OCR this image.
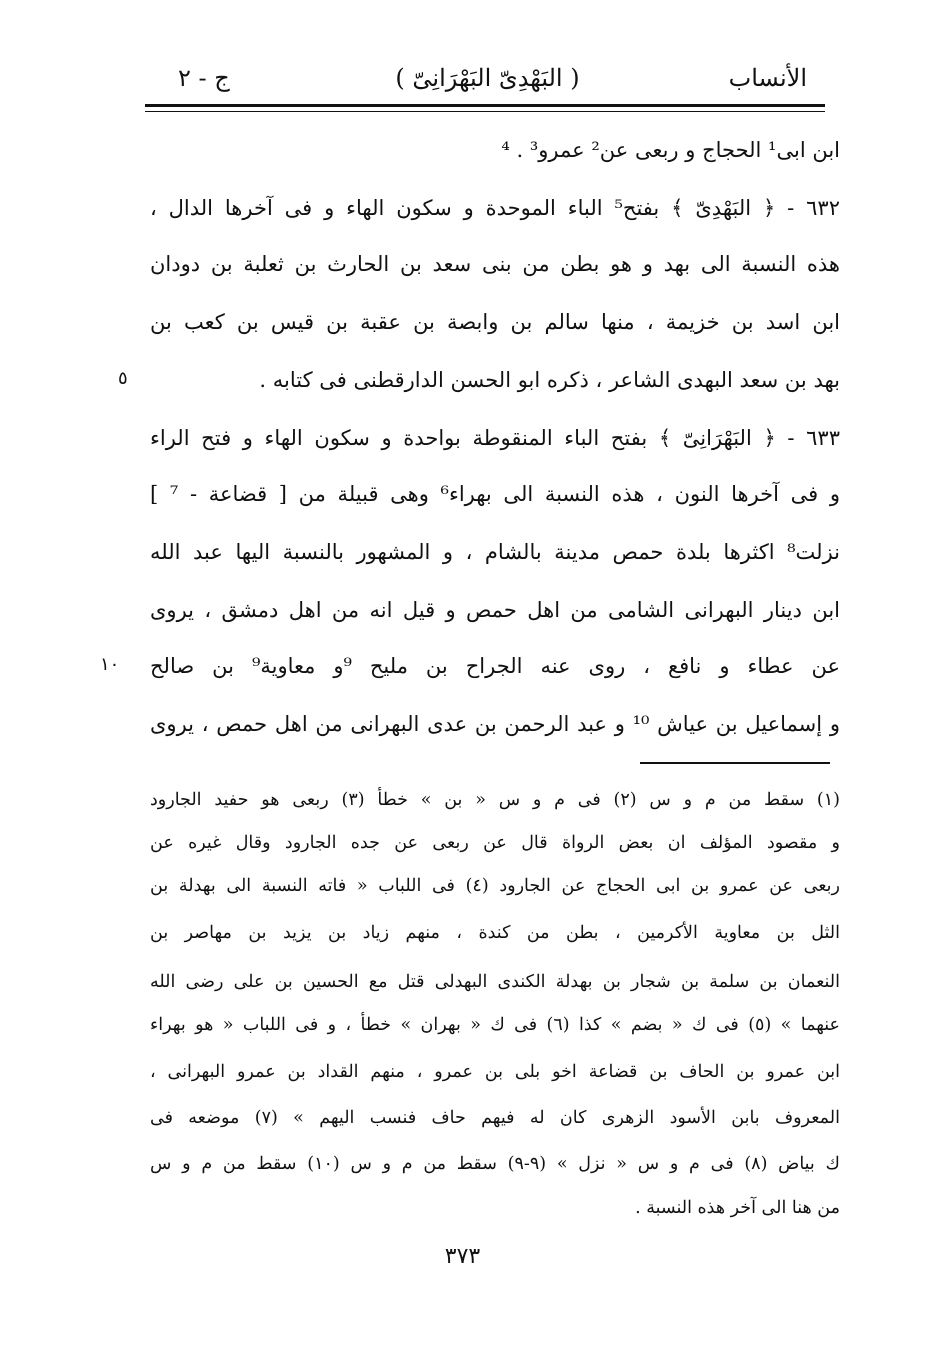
الأنساب
( البَهْدِىّ البَهْرَانِىّ )
ج - ٢
ابن ابى¹ الحجاج و ربعى عن² عمرو³ . ⁴
٦٣٢ - ﴿ البَهْدِىّ ﴾ بفتح⁵ الباء الموحدة و سكون الهاء و فى آخرها الدال ،
هذه النسبة الى بهد و هو بطن من بنى سعد بن الحارث بن ثعلبة بن دودان
ابن اسد بن خزيمة ، منها سالم بن وابصة بن عقبة بن قيس بن كعب بن
بهد بن سعد البهدى الشاعر ، ذكره ابو الحسن الدارقطنى فى كتابه .
٦٣٣ - ﴿ البَهْرَانِىّ ﴾ بفتح الباء المنقوطة بواحدة و سكون الهاء و فتح الراء
و فى آخرها النون ، هذه النسبة الى بهراء⁶ وهى قبيلة من [ قضاعة - ⁷ ]
نزلت⁸ اكثرها بلدة حمص مدينة بالشام ، و المشهور بالنسبة اليها عبد الله
ابن دينار البهرانى الشامى من اهل حمص و قيل انه من اهل دمشق ، يروى
عن عطاء و نافع ، روى عنه الجراح بن مليح ⁹و معاوية⁹ بن صالح
و إسماعيل بن عياش ¹⁰ و عبد الرحمن بن عدى البهرانى من اهل حمص ، يروى
٥
١٠
(١) سقط من م و س (٢) فى م و س « بن » خطأ (٣) ربعى هو حفيد الجارود
و مقصود المؤلف ان بعض الرواة قال عن ربعى عن جده الجارود وقال غيره عن
ربعى عن عمرو بن ابى الحجاج عن الجارود (٤) فى اللباب « فاته النسبة الى بهدلة بن
الثل بن معاوية الأكرمين ، بطن من كندة ، منهم زياد بن يزيد بن مهاصر بن
النعمان بن سلمة بن شجار بن بهدلة الكندى البهدلى قتل مع الحسين بن على رضى الله
عنهما » (٥) فى ك « بضم » كذا (٦) فى ك « بهران » خطأ ، و فى اللباب « هو بهراء
ابن عمرو بن الحاف بن قضاعة اخو بلى بن عمرو ، منهم القداد بن عمرو البهرانى ،
المعروف بابن الأسود الزهرى كان له فيهم حاف فنسب اليهم » (٧) موضعه فى
ك بياض (٨) فى م و س « نزل » (٩-٩) سقط من م و س (١٠) سقط من م و س
من هنا الى آخر هذه النسبة .
٣٧٣
